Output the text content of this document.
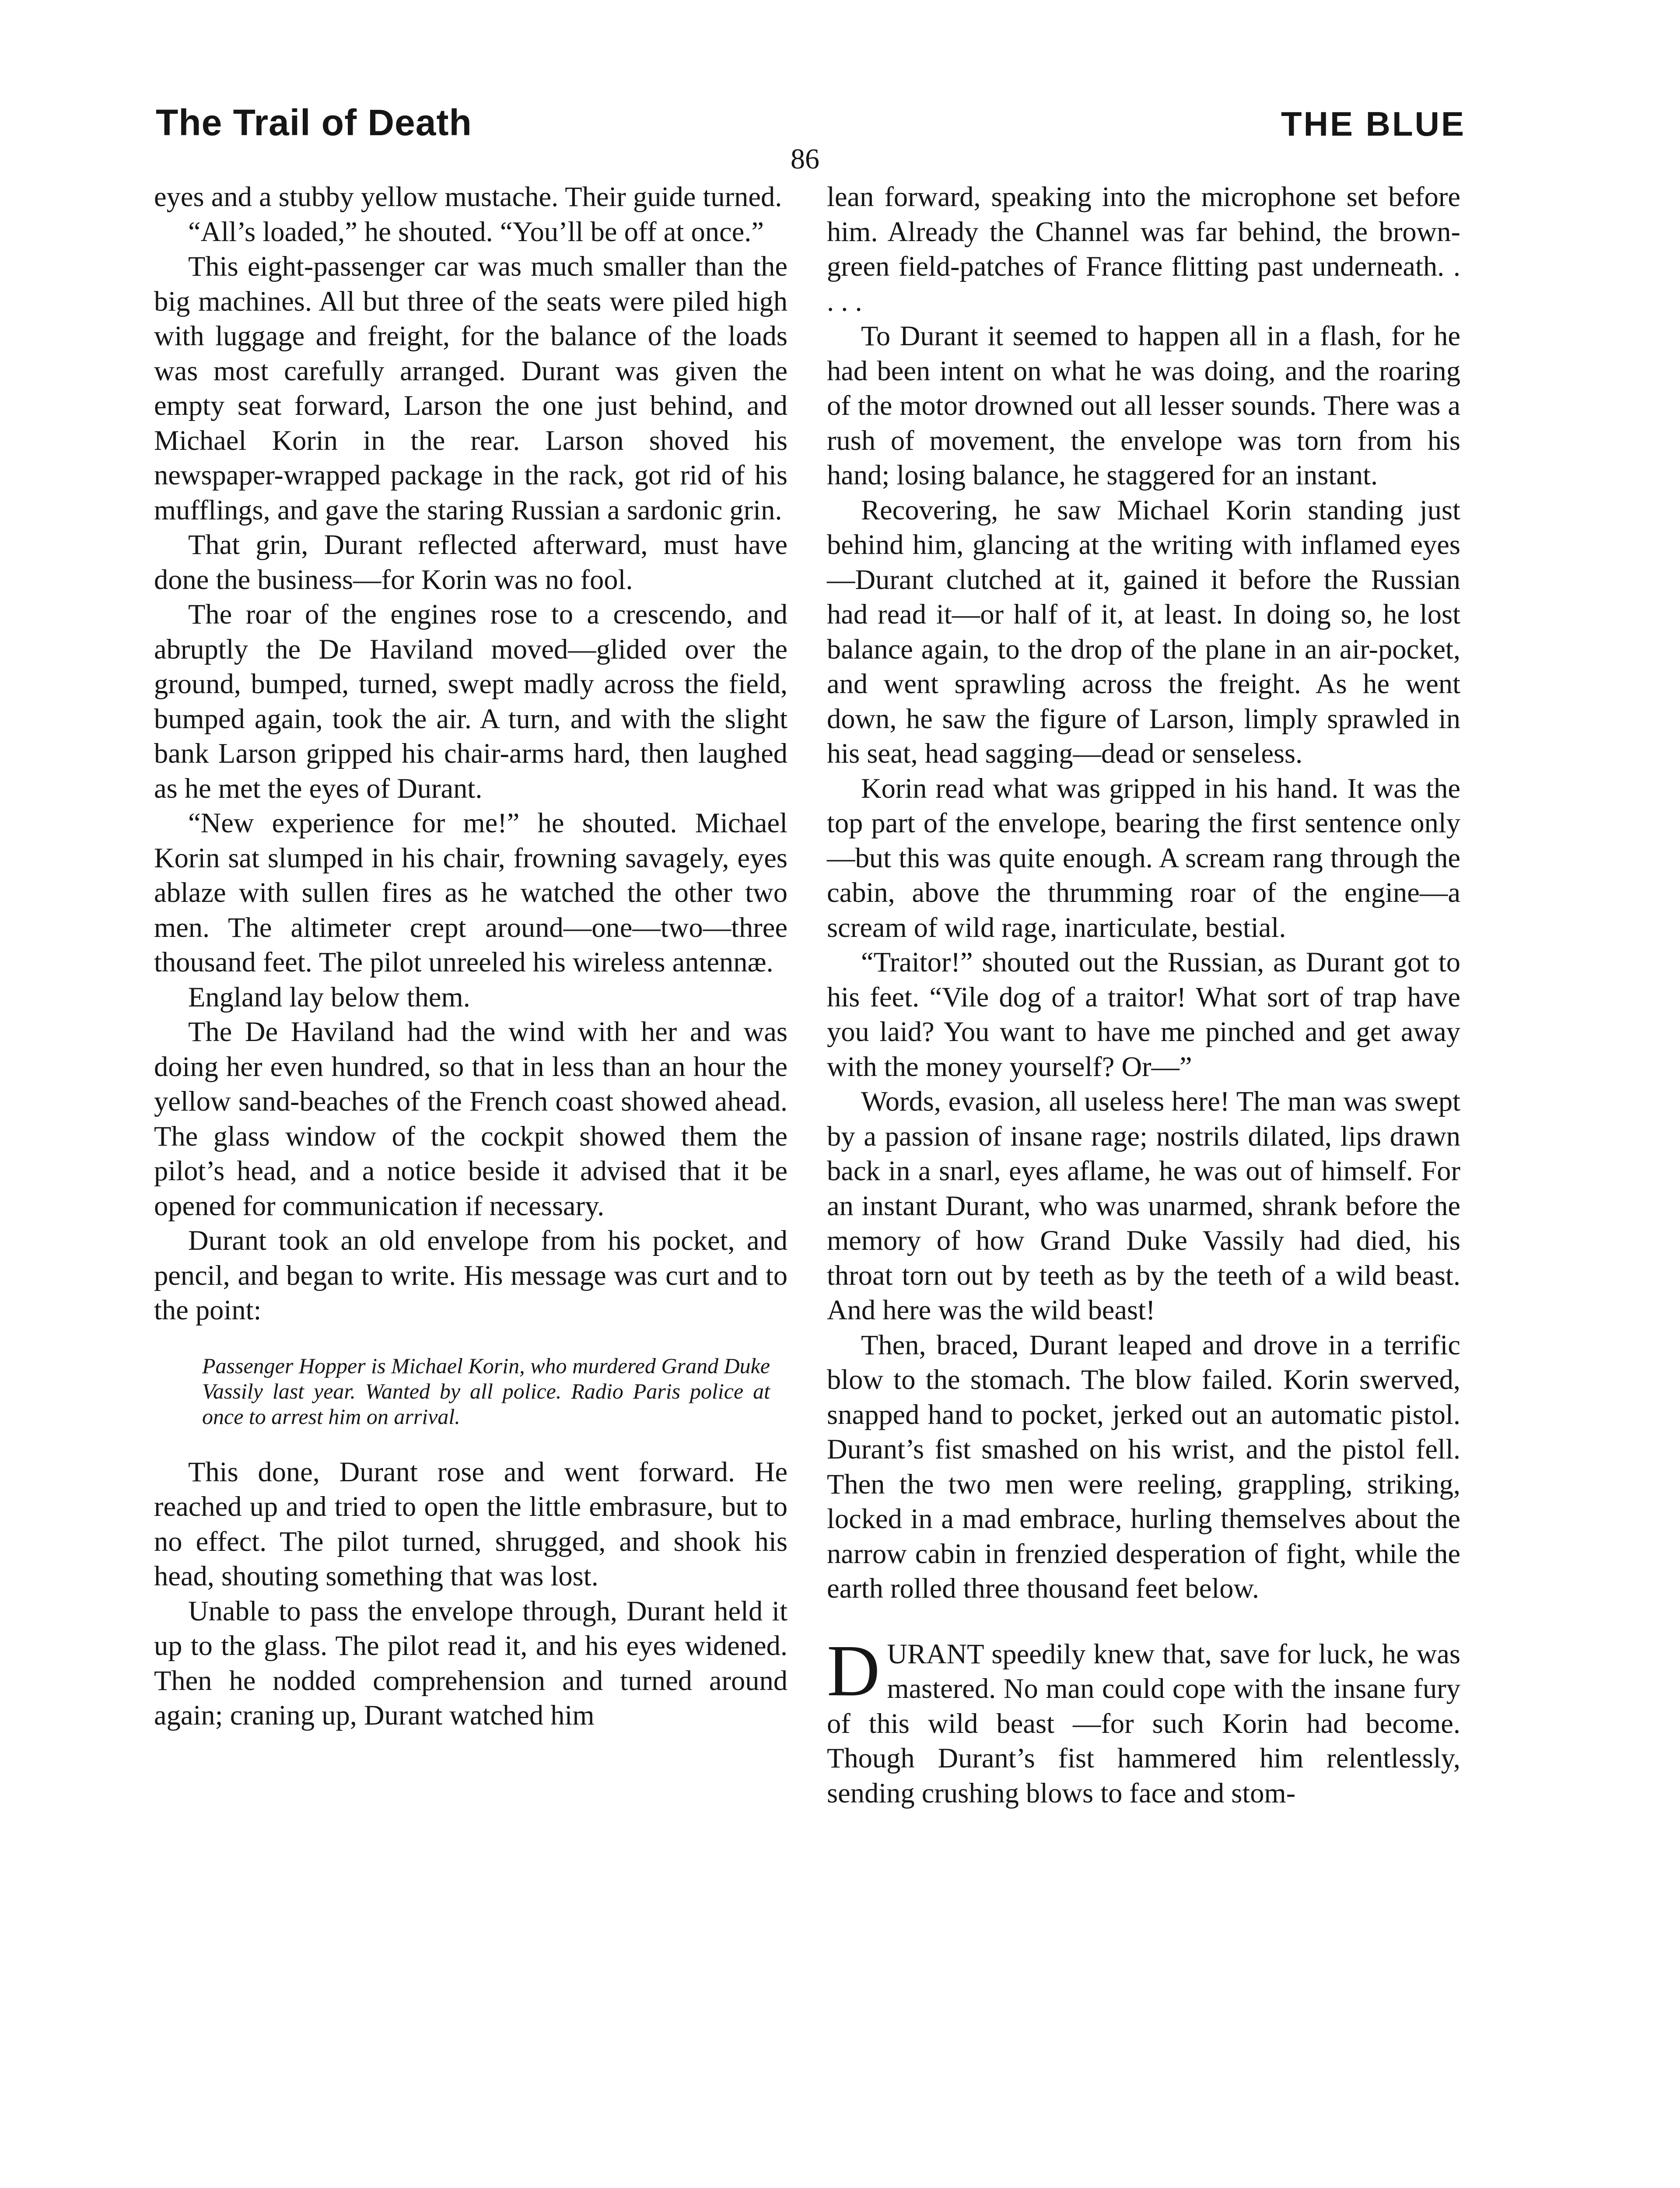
The Trail of Death	THE BLUE
86

eyes and a stubby yellow mustache. Their guide turned.

“All’s loaded,” he shouted. “You’ll be off at once.”

This eight-passenger car was much smaller than the big machines. All but three of the seats were piled high with luggage and freight, for the balance of the loads was most carefully arranged. Durant was given the empty seat forward, Larson the one just behind, and Michael Korin in the rear. Larson shoved his newspaper-wrapped package in the rack, got rid of his mufflings, and gave the staring Russian a sardonic grin.

That grin, Durant reflected afterward, must have done the business—for Korin was no fool.

The roar of the engines rose to a crescendo, and abruptly the De Haviland moved—glided over the ground, bumped, turned, swept madly across the field, bumped again, took the air. A turn, and with the slight bank Larson gripped his chair-arms hard, then laughed as he met the eyes of Durant.

“New experience for me!” he shouted. Michael Korin sat slumped in his chair, frowning savagely, eyes ablaze with sullen fires as he watched the other two men. The altimeter crept around—one—two—three thousand feet. The pilot unreeled his wireless antennæ.

England lay below them.

The De Haviland had the wind with her and was doing her even hundred, so that in less than an hour the yellow sand-beaches of the French coast showed ahead. The glass window of the cockpit showed them the pilot’s head, and a notice beside it advised that it be opened for communication if necessary.

Durant took an old envelope from his pocket, and pencil, and began to write. His message was curt and to the point:

Passenger Hopper is Michael Korin, who murdered Grand Duke Vassily last year. Wanted by all police. Radio Paris police at once to arrest him on arrival.

This done, Durant rose and went forward. He reached up and tried to open the little embrasure, but to no effect. The pilot turned, shrugged, and shook his head, shouting something that was lost.

Unable to pass the envelope through, Durant held it up to the glass. The pilot read it, and his eyes widened. Then he nodded comprehension and turned around again; craning up, Durant watched him

lean forward, speaking into the microphone set before him. Already the Channel was far behind, the brown-green field-patches of France flitting past underneath. . . . .

To Durant it seemed to happen all in a flash, for he had been intent on what he was doing, and the roaring of the motor drowned out all lesser sounds. There was a rush of movement, the envelope was torn from his hand; losing balance, he staggered for an instant.

Recovering, he saw Michael Korin standing just behind him, glancing at the writing with inflamed eyes—Durant clutched at it, gained it before the Russian had read it—or half of it, at least. In doing so, he lost balance again, to the drop of the plane in an air-pocket, and went sprawling across the freight. As he went down, he saw the figure of Larson, limply sprawled in his seat, head sagging—dead or senseless.

Korin read what was gripped in his hand. It was the top part of the envelope, bearing the first sentence only—but this was quite enough. A scream rang through the cabin, above the thrumming roar of the engine—a scream of wild rage, inarticulate, bestial.

“Traitor!” shouted out the Russian, as Durant got to his feet. “Vile dog of a traitor! What sort of trap have you laid? You want to have me pinched and get away with the money yourself? Or—”

Words, evasion, all useless here! The man was swept by a passion of insane rage; nostrils dilated, lips drawn back in a snarl, eyes aflame, he was out of himself. For an instant Durant, who was unarmed, shrank before the memory of how Grand Duke Vassily had died, his throat torn out by teeth as by the teeth of a wild beast. And here was the wild beast!

Then, braced, Durant leaped and drove in a terrific blow to the stomach. The blow failed. Korin swerved, snapped hand to pocket, jerked out an automatic pistol. Durant’s fist smashed on his wrist, and the pistol fell. Then the two men were reeling, grappling, striking, locked in a mad embrace, hurling themselves about the narrow cabin in frenzied desperation of fight, while the earth rolled three thousand feet below.

DURANT speedily knew that, save for luck, he was mastered. No man could cope with the insane fury of this wild beast —for such Korin had become. Though Durant’s fist hammered him relentlessly, sending crushing blows to face and stom-
